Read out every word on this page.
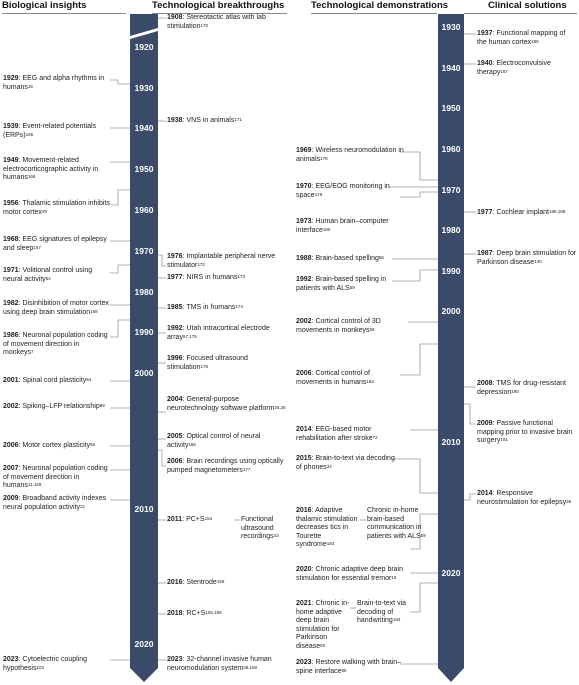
Biological insights	Technological breakthroughs	Technological demonstrations	Clinical solutions
1920
1930
1940
1950
1960
1970
1980
1990
2000
2010
2020
1930
1940
1950
1960
1970
1980
1990
2000
2010
2020
1929: EEG and alpha rhythms in humans$^{15}$
1939: Event-related potentials (ERPs)$^{165}$
1949: Movement-related electrocorticographic activity in humans$^{166}$
1956: Thalamic stimulation inhibits motor cortex$^{49}$
1968: EEG signatures of epilepsy and sleep$^{167}$
1971: Volitional control using neural activity$^{54}$
1982: Disinhibition of motor cortex using deep brain stimulation$^{168}$
1986: Neuronal population coding of movement direction in monkeys$^7$
2001: Spinal cord plasticity$^{64}$
2002: Spiking–LFP relationship$^{98}$
2006: Motor cortex plasticity$^{65}$
2007: Neuronal population coding of movement direction in humans$^{11,169}$
2009: Broadband activity indexes neural population activity$^{21}$
2023: Cytoelectric coupling hypothesis$^{103}$
1908: Stereotactic atlas with lab stimulation$^{170}$
1938: VNS in animals$^{171}$
1976: Implantable peripheral nerve stimulator$^{172}$
1977: NIRS in humans$^{173}$
1985: TMS in humans$^{174}$
1992: Utah intracortical electrode array$^{67,175}$
1996: Focused ultrasound stimulation$^{176}$
2004: General-purpose neurotechnology software platform$^{25,26}$
2005: Optical control of neural activity$^{156}$
2006: Brain recordings using optically pumped magnetometers$^{177}$
2011: $PC+S^{154}$	Functional ultrasound recordings$^{43}$
2016: Stentrode$^{159}$
2018: $RC+S^{155,156}$
2023: 32-channel invasive human neuromodulation system$^{38,158}$
1969: Wireless neuromodulation in animals$^{178}$
1970: EEG/EOG monitoring in space$^{179}$
1973: Human brain–computer interface$^{180}$
1988: Brain-based spelling$^{56}$
1992: Brain-based spelling in patients with ALS$^{59}$
2002: Cortical control of 3D movements in monkeys$^{58}$
2006: Cortical control of movements in humans$^{182}$
2014: EEG-based motor rehabilitation after stroke$^{72}$
2015: Brain-to-text via decoding of phones$^{34}$
2016: Adaptive thalamic stimulation decreases tics in Tourette syndrome$^{183}$
Chronic in-home brain-based communication in patients with ALS$^{59}$
2020: Chronic adaptive deep brain stimulation for essential tremor$^{19}$
2021: Chronic in-home adaptive deep brain stimulation for Parkinson disease$^{60}$
Brain-to-text via decoding of handwriting$^{184}$
2023: Restore walking with brain–spine interface$^{85}$
1937: Functional mapping of the human cortex$^{185}$
1940: Electroconvulsive therapy$^{187}$
1977: Cochlear implant$^{188,189}$
1987: Deep brain stimulation for Parkinson disease$^{130}$
2008: TMS for drug-resistant depression$^{190}$
2009: Passive functional mapping prior to invasive brain surgery$^{191}$
2014: Responsive neurostimulation for epilepsy$^{36}$
